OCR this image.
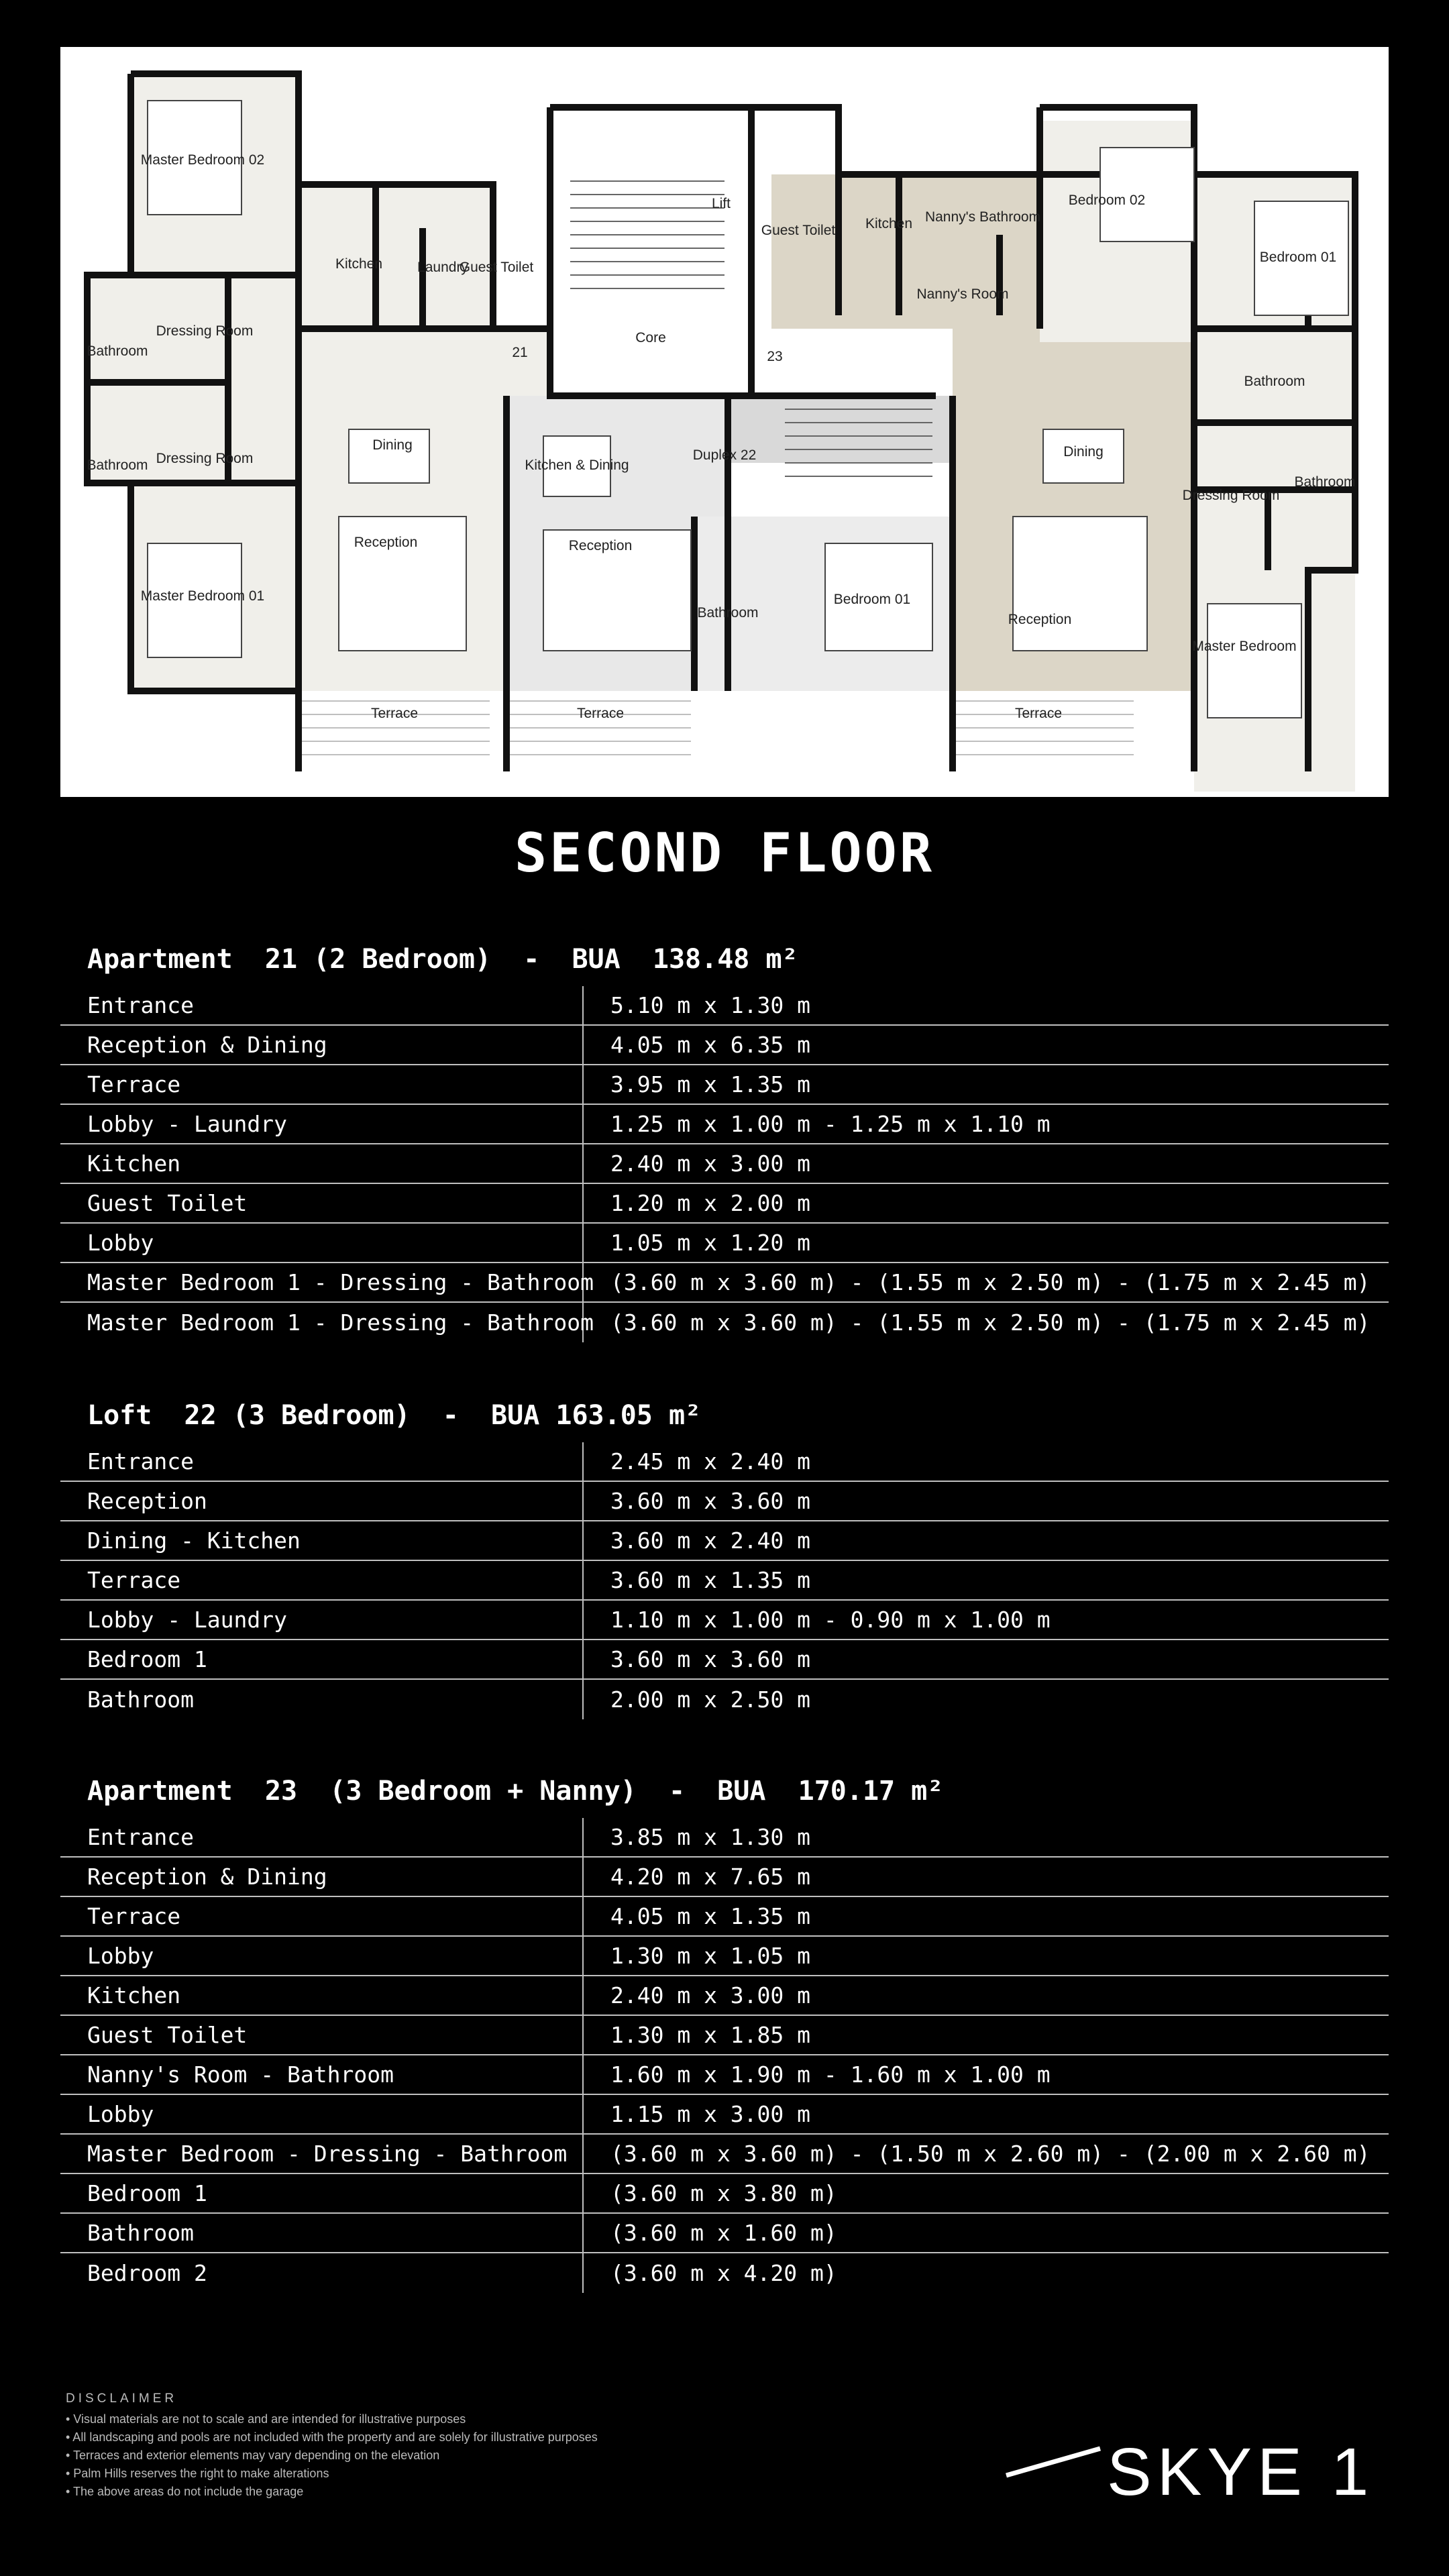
Master Bedroom 02
Kitchen Laundry
Guest Toilet
Lift
Guest Toilet Kitchen Nanny's Bathroom
Nanny's Room
Bedroom 02
Bedroom 01
Bathroom
Dressing Room
21
Core
23
Bathroom
Bathroom Dressing Room
Dining
Kitchen & Dining
Duplex 22	Dining
Dressing Room
Bathroom
Master Bedroom 01
Reception	Reception
Bathroom
Bedroom 01
Reception
Master Bedroom
Terrace	Terrace	Terrace
SECOND FLOOR
Apartment  21 (2 Bedroom)  -  BUA  138.48 m²
Entrance	5.10 m x 1.30 m
Reception & Dining	4.05 m x 6.35 m
Terrace	3.95 m x 1.35 m
Lobby - Laundry	1.25 m x 1.00 m - 1.25 m x 1.10 m
Kitchen	2.40 m x 3.00 m
Guest Toilet	1.20 m x 2.00 m
Lobby	1.05 m x 1.20 m
Master Bedroom 1 - Dressing - Bathroom (3.60 m x 3.60 m) - (1.55 m x 2.50 m) - (1.75 m x 2.45 m)
Master Bedroom 1 - Dressing - Bathroom (3.60 m x 3.60 m) - (1.55 m x 2.50 m) - (1.75 m x 2.45 m)
Loft  22 (3 Bedroom)  -  BUA 163.05 m²
Entrance	2.45 m x 2.40 m
Reception	3.60 m x 3.60 m
Dining - Kitchen	3.60 m x 2.40 m
Terrace	3.60 m x 1.35 m
Lobby - Laundry	1.10 m x 1.00 m - 0.90 m x 1.00 m
Bedroom 1	3.60 m x 3.60 m
Bathroom	2.00 m x 2.50 m
Apartment  23  (3 Bedroom + Nanny)  -  BUA  170.17 m²
Entrance	3.85 m x 1.30 m
Reception & Dining	4.20 m x 7.65 m
Terrace	4.05 m x 1.35 m
Lobby	1.30 m x 1.05 m
Kitchen	2.40 m x 3.00 m
Guest Toilet	1.30 m x 1.85 m
Nanny's Room - Bathroom	1.60 m x 1.90 m - 1.60 m x 1.00 m
Lobby	1.15 m x 3.00 m
Master Bedroom - Dressing - Bathroom	(3.60 m x 3.60 m) - (1.50 m x 2.60 m) - (2.00 m x 2.60 m)
Bedroom 1	(3.60 m x 3.80 m)
Bathroom	(3.60 m x 1.60 m)
Bedroom 2	(3.60 m x 4.20 m)
DISCLAIMER
• Visual materials are not to scale and are intended for illustrative purposes
• All landscaping and pools are not included with the property and are solely for illustrative purposes
• Terraces and exterior elements may vary depending on the elevation
• Palm Hills reserves the right to make alterations
• The above areas do not include the garage	SKYE 1
